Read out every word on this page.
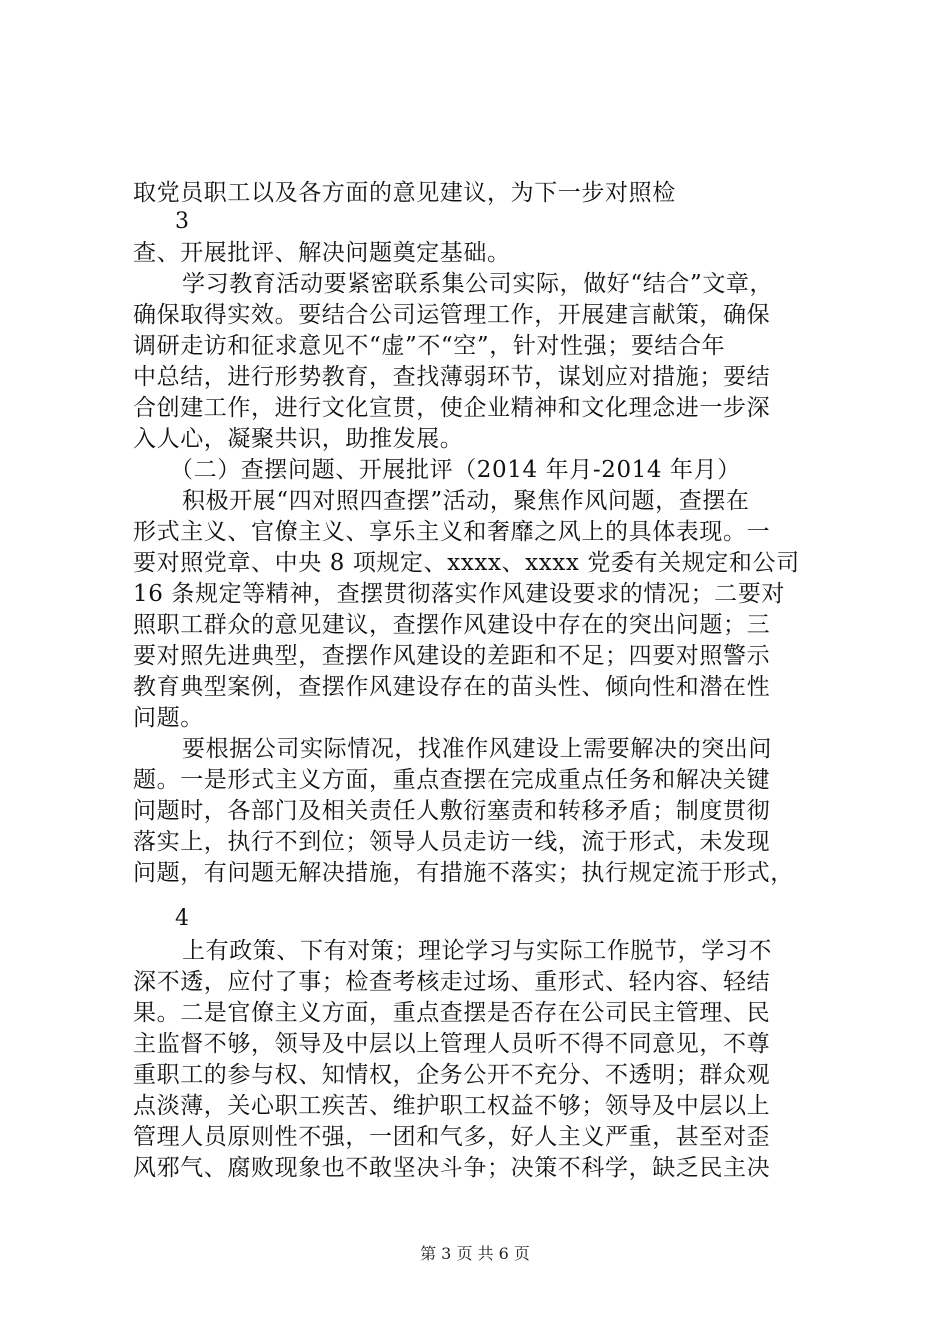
取党员职工以及各方面的意见建议，为下一步对照检
3
查、开展批评、解决问题奠定基础。
学习教育活动要紧密联系集公司实际，做好“结合”文章，
确保取得实效。要结合公司运管理工作，开展建言献策，确保
调研走访和征求意见不“虚”不“空”，针对性强；要结合年
中总结，进行形势教育，查找薄弱环节，谋划应对措施；要结
合创建工作，进行文化宣贯，使企业精神和文化理念进一步深
入人心，凝聚共识，助推发展。
（二）查摆问题、开展批评（2014 年月-2014 年月）
积极开展“四对照四查摆”活动，聚焦作风问题，查摆在
形式主义、官僚主义、享乐主义和奢靡之风上的具体表现。一
要对照党章、中央 8 项规定、xxxx、xxxx 党委有关规定和公司
16 条规定等精神，查摆贯彻落实作风建设要求的情况；二要对
照职工群众的意见建议，查摆作风建设中存在的突出问题；三
要对照先进典型，查摆作风建设的差距和不足；四要对照警示
教育典型案例，查摆作风建设存在的苗头性、倾向性和潜在性
问题。
要根据公司实际情况，找准作风建设上需要解决的突出问
题。一是形式主义方面，重点查摆在完成重点任务和解决关键
问题时，各部门及相关责任人敷衍塞责和转移矛盾；制度贯彻
落实上，执行不到位；领导人员走访一线，流于形式，未发现
问题，有问题无解决措施，有措施不落实；执行规定流于形式，
4
上有政策、下有对策；理论学习与实际工作脱节，学习不
深不透，应付了事；检查考核走过场、重形式、轻内容、轻结
果。二是官僚主义方面，重点查摆是否存在公司民主管理、民
主监督不够，领导及中层以上管理人员听不得不同意见，不尊
重职工的参与权、知情权，企务公开不充分、不透明；群众观
点淡薄，关心职工疾苦、维护职工权益不够；领导及中层以上
管理人员原则性不强，一团和气多，好人主义严重，甚至对歪
风邪气、腐败现象也不敢坚决斗争；决策不科学，缺乏民主决
第 3 页 共 6 页
